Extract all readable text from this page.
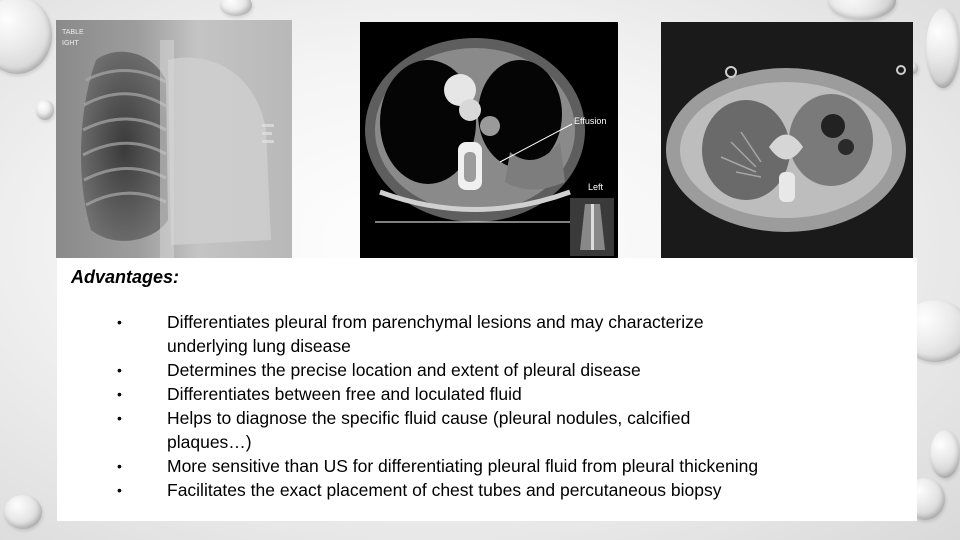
TABLE
IGHT
Effusion
Left

Advantages:

•	Differentiates pleural from parenchymal lesions and may characterize
underlying lung disease
•	Determines the precise location and extent of pleural disease
•	Differentiates between free and loculated fluid
•	Helps to diagnose the specific fluid cause (pleural nodules, calcified
plaques…)
•	More sensitive than US for differentiating pleural fluid from pleural thickening
•	Facilitates the exact placement of chest tubes and percutaneous biopsy
